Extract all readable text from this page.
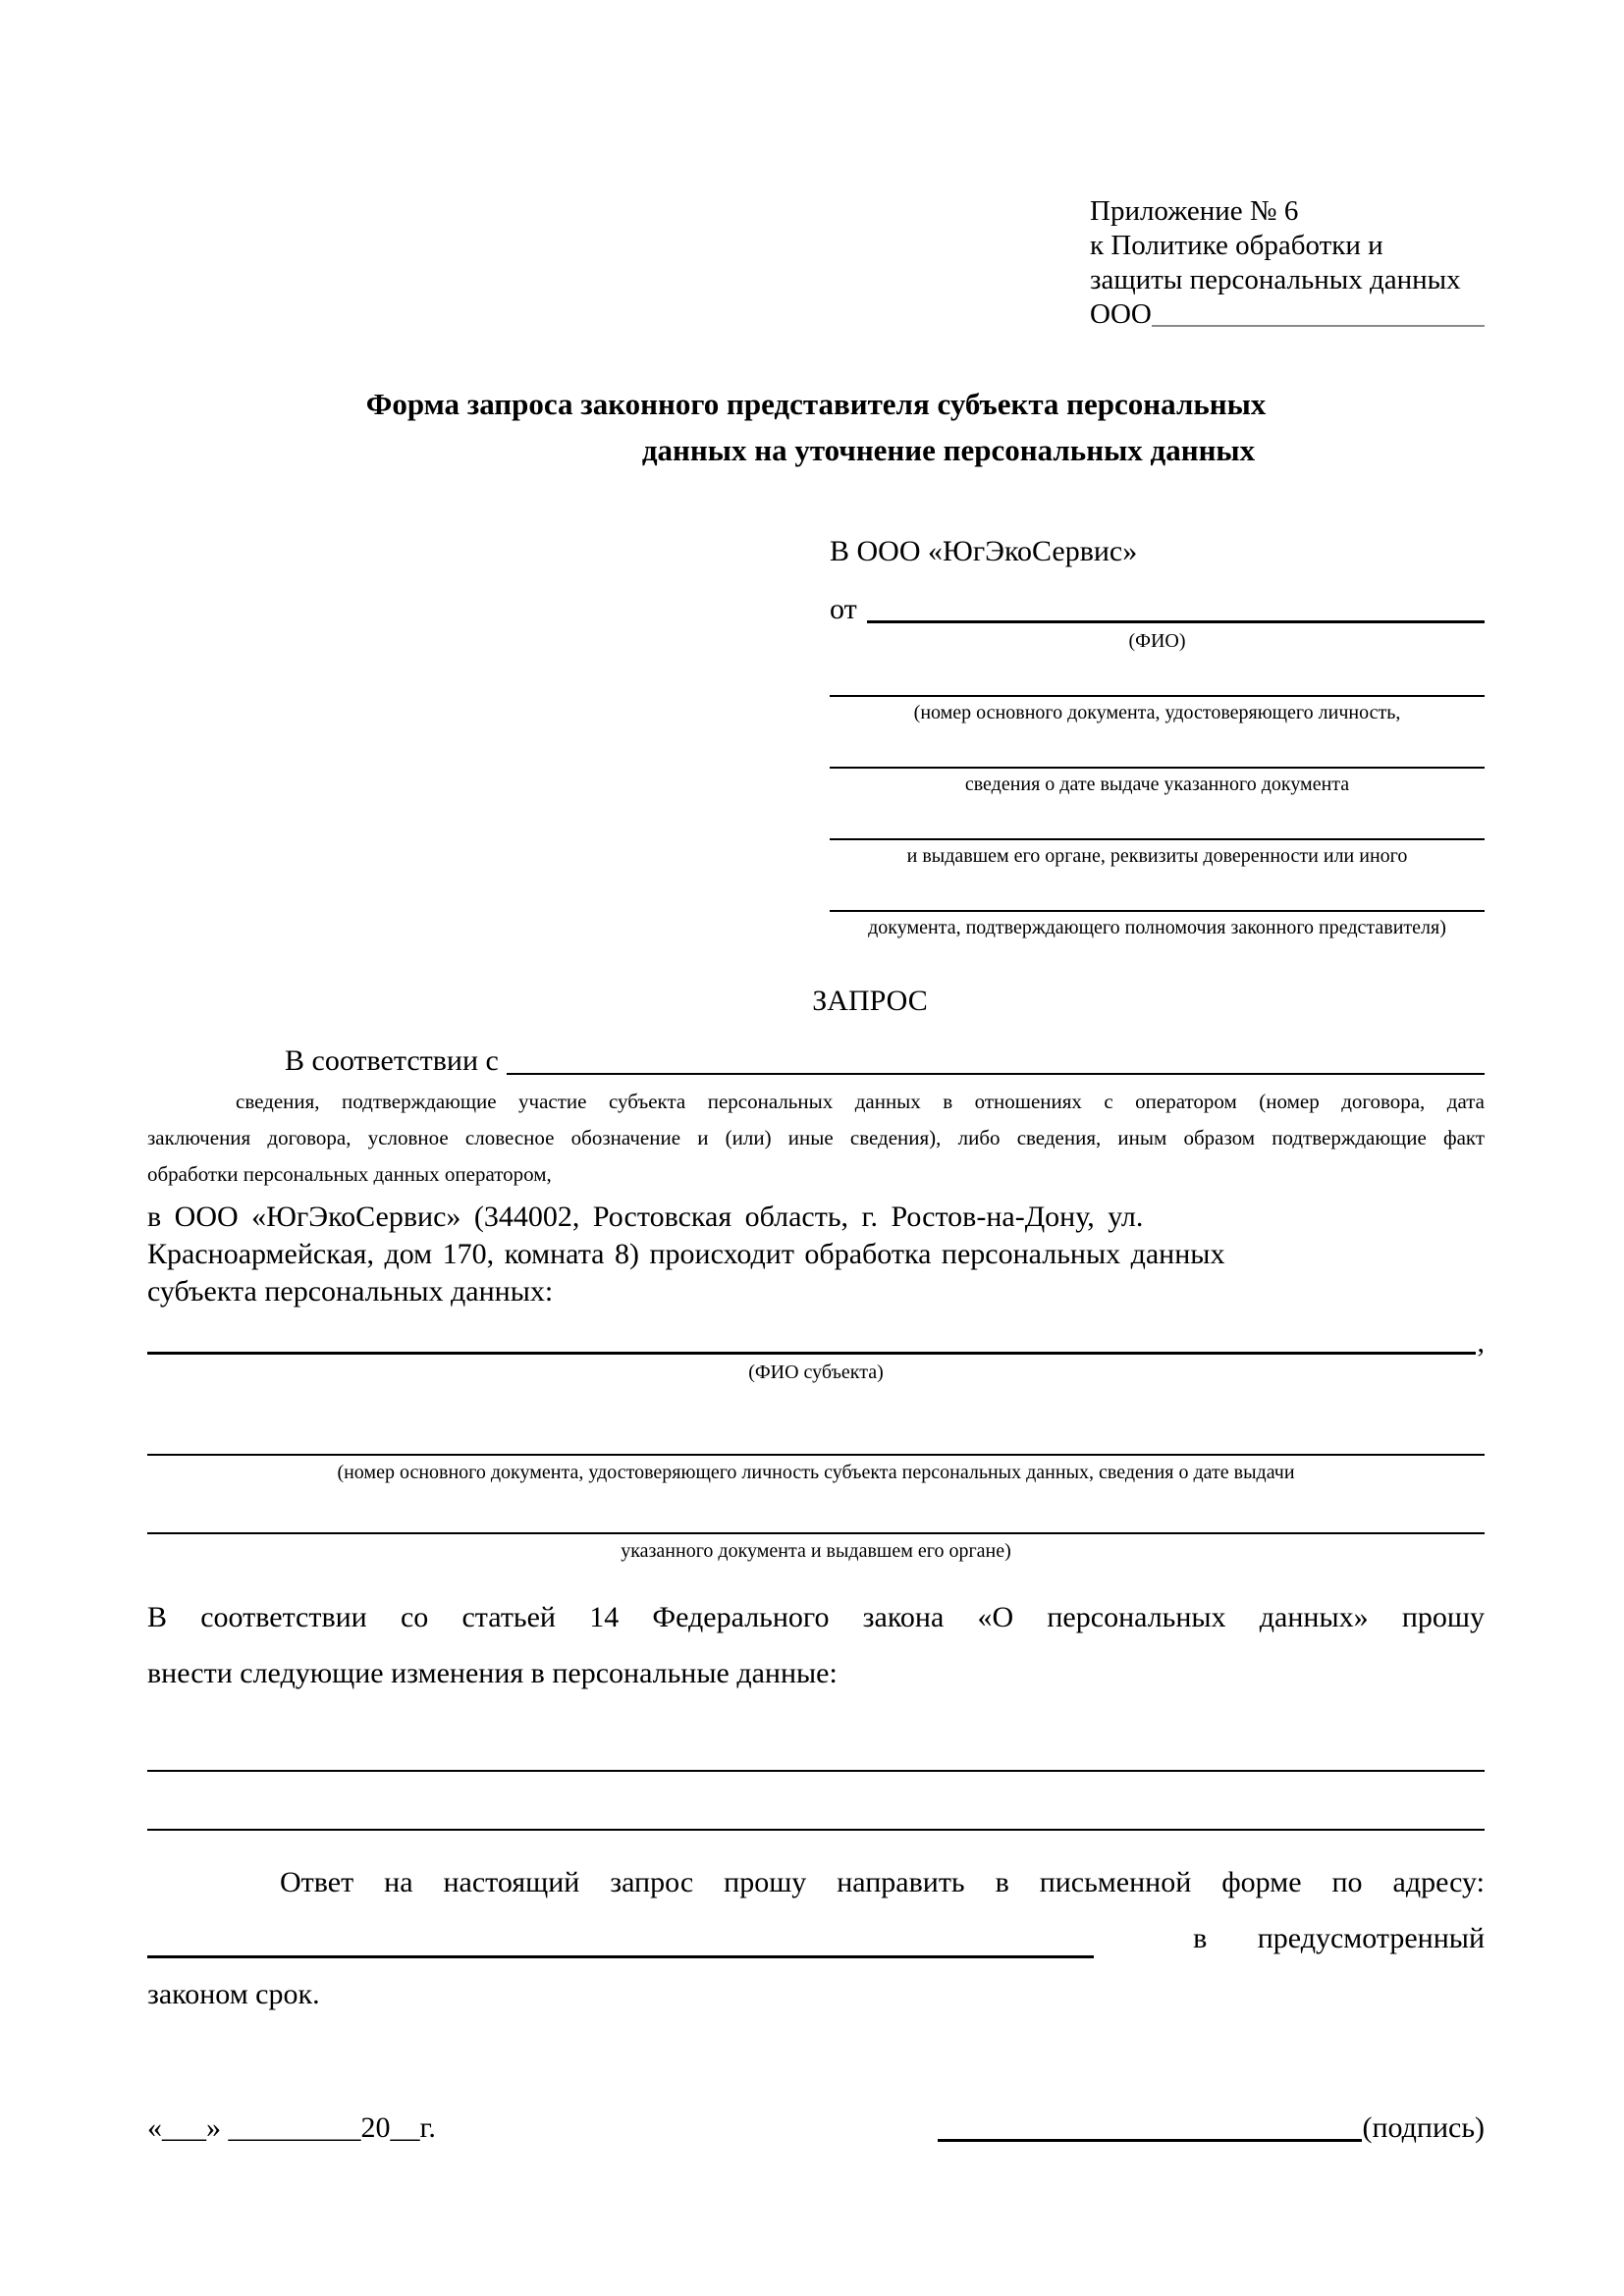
Приложение № 6
к Политике обработки и
защиты персональных данных
ООО
Форма запроса законного представителя субъекта персональных
данных на уточнение персональных данных
В ООО «ЮгЭкоСервис»
от
(ФИО)
(номер основного документа, удостоверяющего личность,
сведения о дате выдаче указанного документа
и выдавшем его органе, реквизиты доверенности или иного
документа, подтверждающего полномочия законного представителя)
ЗАПРОС
В соответствии с
сведения, подтверждающие участие субъекта персональных данных в отношениях с оператором (номер договора, дата
заключения договора, условное словесное обозначение и (или) иные сведения), либо сведения, иным образом подтверждающие факт
обработки персональных данных оператором,
в ООО «ЮгЭкоСервис» (344002, Ростовская область, г. Ростов-на-Дону, ул.
Красноармейская, дом 170, комната 8) происходит обработка персональных данных
субъекта персональных данных:
,
(ФИО субъекта)
(номер основного документа, удостоверяющего личность субъекта персональных данных, сведения о дате выдачи
указанного документа и выдавшем его органе)
В соответствии со статьей 14 Федерального закона «О персональных данных» прошу
внести следующие изменения в персональные данные:
Ответ на настоящий запрос прошу направить в письменной форме по адресу:
в предусмотренный
законом срок.
«___» _________20__г.	(подпись)
